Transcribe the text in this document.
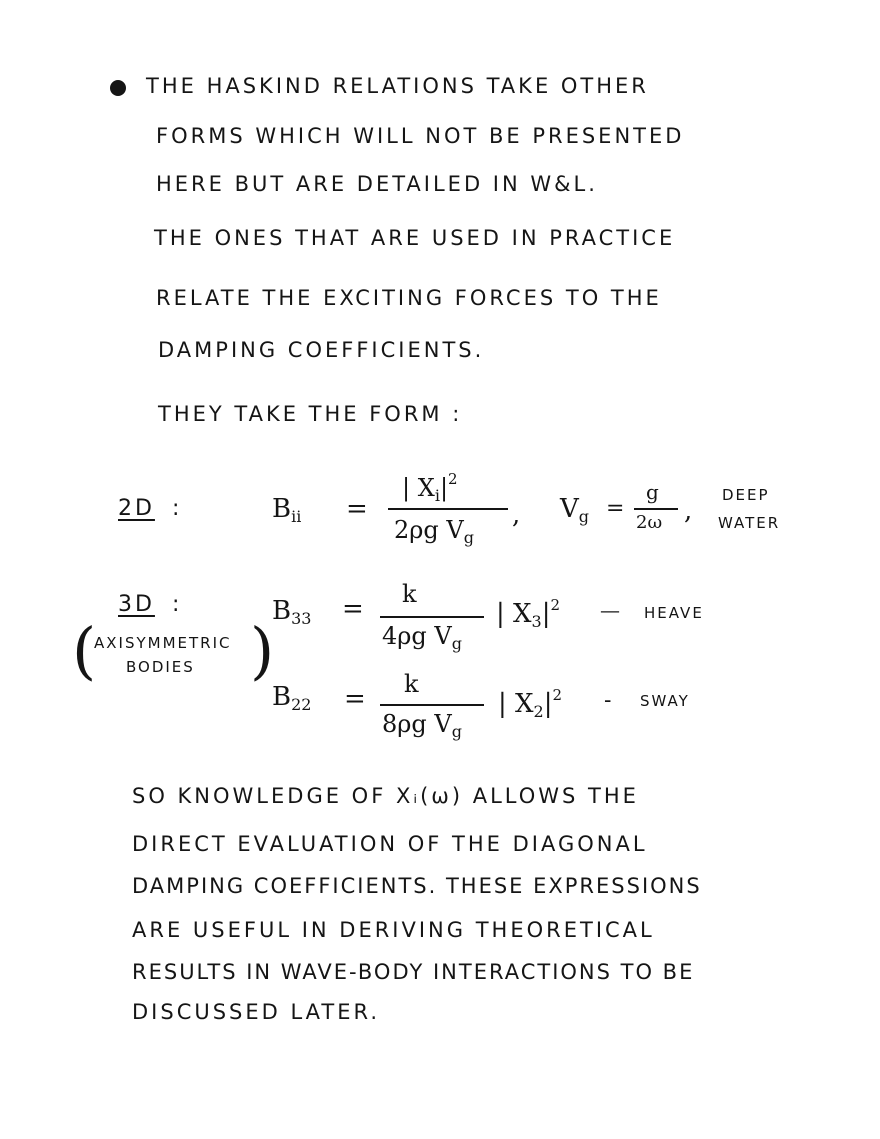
THE HASKIND RELATIONS TAKE OTHER
FORMS WHICH WILL NOT BE PRESENTED
HERE BUT ARE DETAILED IN W&L.
THE ONES THAT ARE USED IN PRACTICE
RELATE THE EXCITING FORCES TO THE
DAMPING COEFFICIENTS.
THEY TAKE THE FORM :
2D :	$B_{ii}$ =
| $X_i|^2$
2ρg $V_g$
, $V_g$ =
g
2ω ,
DEEP
WATER
3D :
(
AXISYMMETRIC
BODIES )
$B_{33} = k$
4ρg $V_g$
| $X_3|^2$ — HEAVE
$B_{22} = k$
8ρg $V_g$
| $X_2|^2$ - SWAY
SO KNOWLEDGE OF Xᵢ(ω) ALLOWS THE
DIRECT EVALUATION OF THE DIAGONAL
DAMPING COEFFICIENTS. THESE EXPRESSIONS
ARE USEFUL IN DERIVING THEORETICAL
RESULTS IN WAVE-BODY INTERACTIONS TO BE
DISCUSSED LATER.
